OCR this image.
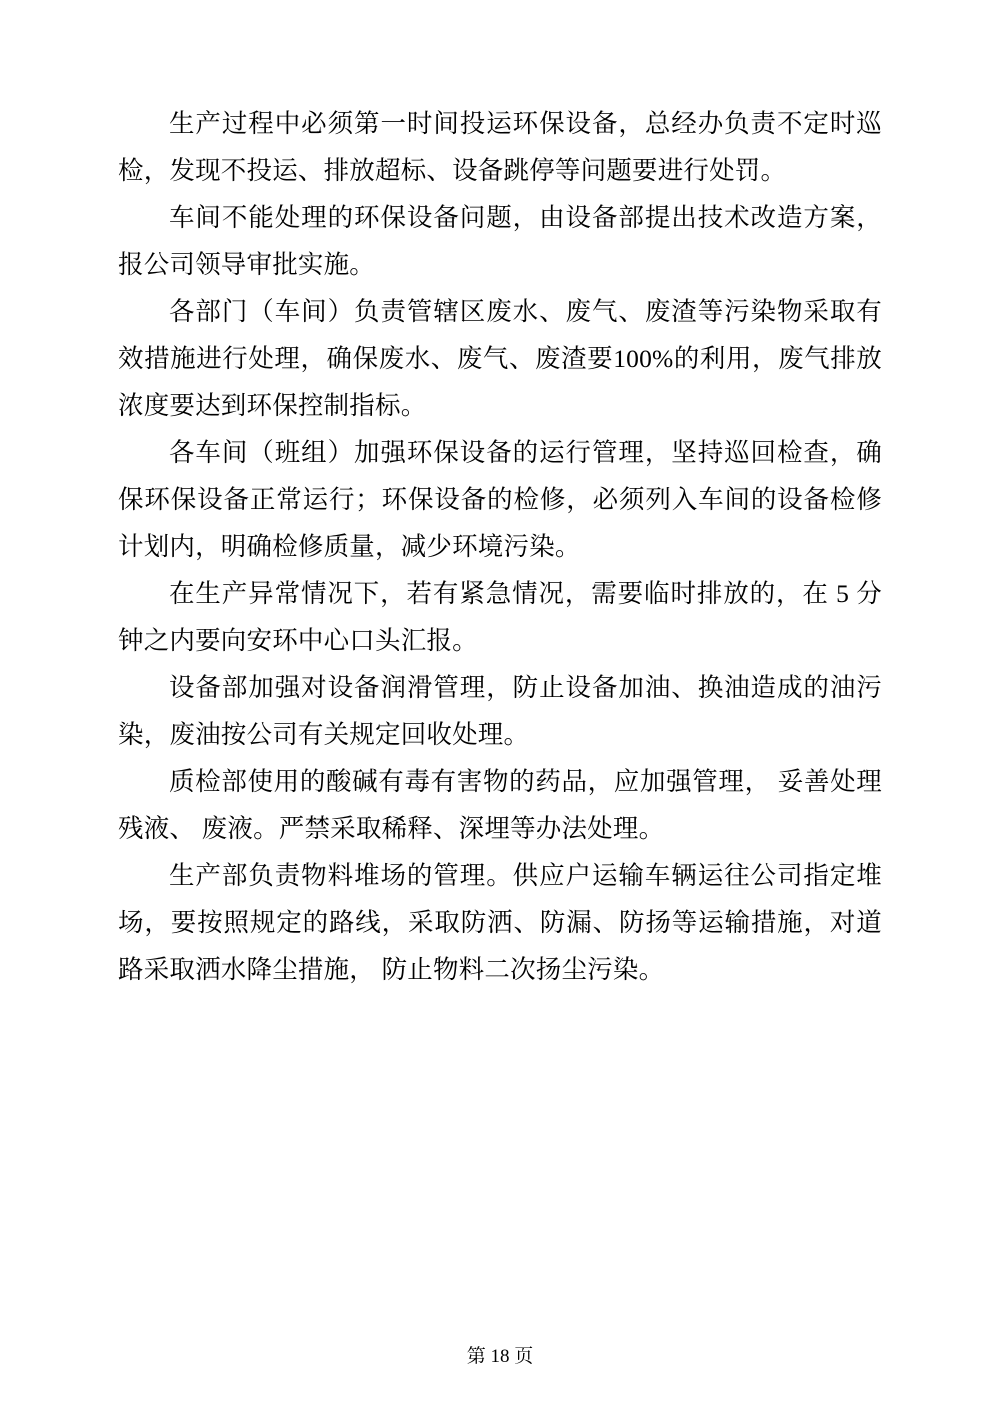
生产过程中必须第一时间投运环保设备，总经办负责不定时巡检，发现不投运、排放超标、设备跳停等问题要进行处罚。

车间不能处理的环保设备问题，由设备部提出技术改造方案，报公司领导审批实施。

各部门（车间）负责管辖区废水、废气、废渣等污染物采取有效措施进行处理，确保废水、废气、废渣要100%的利用，废气排放浓度要达到环保控制指标。

各车间（班组）加强环保设备的运行管理，坚持巡回检查，确保环保设备正常运行；环保设备的检修，必须列入车间的设备检修计划内，明确检修质量，减少环境污染。

在生产异常情况下，若有紧急情况，需要临时排放的，在 5 分钟之内要向安环中心口头汇报。

设备部加强对设备润滑管理，防止设备加油、换油造成的油污染，废油按公司有关规定回收处理。

质检部使用的酸碱有毒有害物的药品，应加强管理， 妥善处理残液、 废液。严禁采取稀释、深埋等办法处理。

生产部负责物料堆场的管理。供应户运输车辆运往公司指定堆场，要按照规定的路线，采取防洒、防漏、防扬等运输措施，对道路采取洒水降尘措施， 防止物料二次扬尘污染。

第 18 页
